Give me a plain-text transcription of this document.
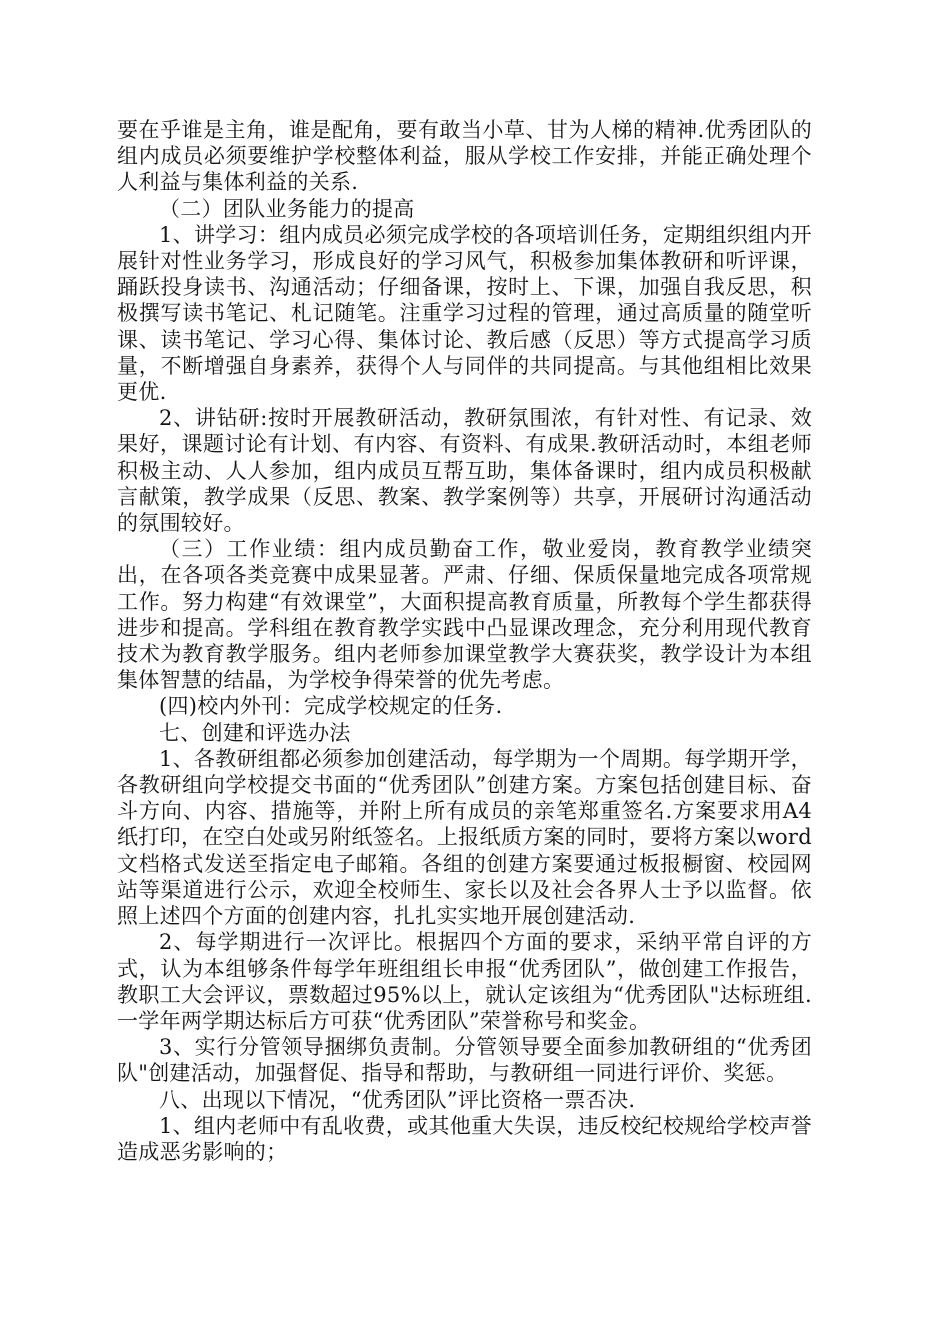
要在乎谁是主角，谁是配角，要有敢当小草、甘为人梯的精神.优秀团队的组内成员必须要维护学校整体利益，服从学校工作安排，并能正确处理个人利益与集体利益的关系.

（二）团队业务能力的提高

1、讲学习：组内成员必须完成学校的各项培训任务，定期组织组内开展针对性业务学习，形成良好的学习风气，积极参加集体教研和听评课，踊跃投身读书、沟通活动；仔细备课，按时上、下课，加强自我反思，积极撰写读书笔记、札记随笔。注重学习过程的管理，通过高质量的随堂听课、读书笔记、学习心得、集体讨论、教后感（反思）等方式提高学习质量，不断增强自身素养，获得个人与同伴的共同提高。与其他组相比效果更优.

2、讲钻研:按时开展教研活动，教研氛围浓，有针对性、有记录、效果好，课题讨论有计划、有内容、有资料、有成果.教研活动时，本组老师积极主动、人人参加，组内成员互帮互助，集体备课时，组内成员积极献言献策，教学成果（反思、教案、教学案例等）共享，开展研讨沟通活动的氛围较好。

（三）工作业绩：组内成员勤奋工作，敬业爱岗，教育教学业绩突出，在各项各类竞赛中成果显著。严肃、仔细、保质保量地完成各项常规工作。努力构建“有效课堂”，大面积提高教育质量，所教每个学生都获得进步和提高。学科组在教育教学实践中凸显课改理念，充分利用现代教育技术为教育教学服务。组内老师参加课堂教学大赛获奖，教学设计为本组集体智慧的结晶，为学校争得荣誉的优先考虑。

(四)校内外刊：完成学校规定的任务.

七、创建和评选办法

1、各教研组都必须参加创建活动，每学期为一个周期。每学期开学，各教研组向学校提交书面的“优秀团队”创建方案。方案包括创建目标、奋斗方向、内容、措施等，并附上所有成员的亲笔郑重签名.方案要求用A4纸打印，在空白处或另附纸签名。上报纸质方案的同时，要将方案以word文档格式发送至指定电子邮箱。各组的创建方案要通过板报橱窗、校园网站等渠道进行公示，欢迎全校师生、家长以及社会各界人士予以监督。依照上述四个方面的创建内容，扎扎实实地开展创建活动.

2、每学期进行一次评比。根据四个方面的要求，采纳平常自评的方式，认为本组够条件每学年班组组长申报“优秀团队”，做创建工作报告，教职工大会评议，票数超过95%以上，就认定该组为“优秀团队"达标班组.一学年两学期达标后方可获“优秀团队”荣誉称号和奖金。

3、实行分管领导捆绑负责制。分管领导要全面参加教研组的“优秀团队"创建活动，加强督促、指导和帮助，与教研组一同进行评价、奖惩。

八、出现以下情况，“优秀团队”评比资格一票否决.

1、组内老师中有乱收费，或其他重大失误，违反校纪校规给学校声誉造成恶劣影响的；
